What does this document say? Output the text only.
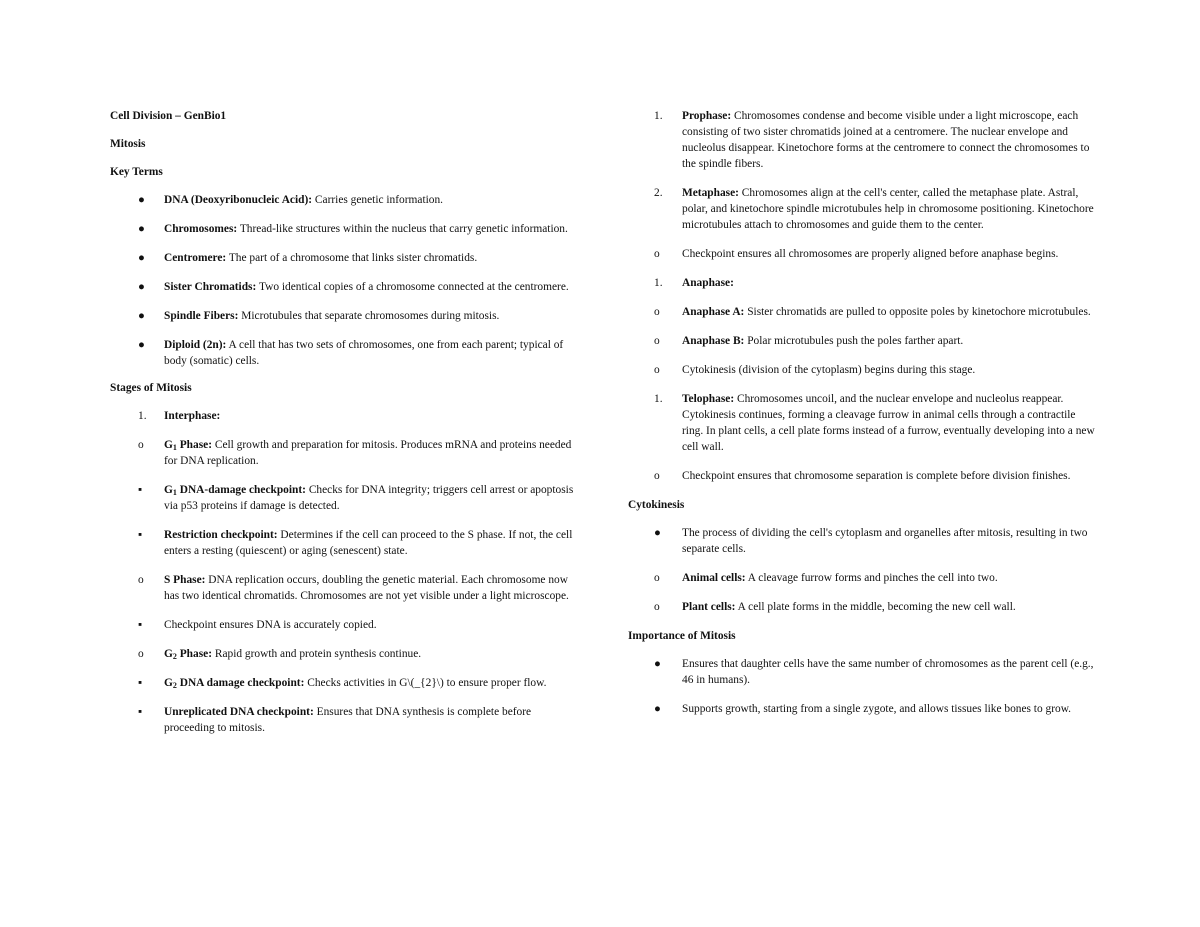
Cell Division – GenBio1
Mitosis
Key Terms
● DNA (Deoxyribonucleic Acid): Carries genetic information.
● Chromosomes: Thread-like structures within the nucleus that carry genetic information.
● Centromere: The part of a chromosome that links sister chromatids.
● Sister Chromatids: Two identical copies of a chromosome connected at the centromere.
● Spindle Fibers: Microtubules that separate chromosomes during mitosis.
● Diploid (2n): A cell that has two sets of chromosomes, one from each parent; typical of body (somatic) cells.
Stages of Mitosis
1. Interphase:
o $G_1$ Phase: Cell growth and preparation for mitosis. Produces mRNA and proteins needed for DNA replication.
▪ $G_1$ DNA-damage checkpoint: Checks for DNA integrity; triggers cell arrest or apoptosis via p53 proteins if damage is detected.
▪ Restriction checkpoint: Determines if the cell can proceed to the S phase. If not, the cell enters a resting (quiescent) or aging (senescent) state.
o S Phase: DNA replication occurs, doubling the genetic material. Each chromosome now has two identical chromatids. Chromosomes are not yet visible under a light microscope.
▪ Checkpoint ensures DNA is accurately copied.
o $G_2$ Phase: Rapid growth and protein synthesis continue.
▪ $G_2$ DNA damage checkpoint: Checks activities in G\(_{2}\) to ensure proper flow.
▪ Unreplicated DNA checkpoint: Ensures that DNA synthesis is complete before proceeding to mitosis.
1. Prophase: Chromosomes condense and become visible under a light microscope, each consisting of two sister chromatids joined at a centromere. The nuclear envelope and nucleolus disappear. Kinetochore forms at the centromere to connect the chromosomes to the spindle fibers.
2. Metaphase: Chromosomes align at the cell's center, called the metaphase plate. Astral, polar, and kinetochore spindle microtubules help in chromosome positioning. Kinetochore microtubules attach to chromosomes and guide them to the center.
o Checkpoint ensures all chromosomes are properly aligned before anaphase begins.
1. Anaphase:
o Anaphase A: Sister chromatids are pulled to opposite poles by kinetochore microtubules.
o Anaphase B: Polar microtubules push the poles farther apart.
o Cytokinesis (division of the cytoplasm) begins during this stage.
1. Telophase: Chromosomes uncoil, and the nuclear envelope and nucleolus reappear. Cytokinesis continues, forming a cleavage furrow in animal cells through a contractile ring. In plant cells, a cell plate forms instead of a furrow, eventually developing into a new cell wall.
o Checkpoint ensures that chromosome separation is complete before division finishes.
Cytokinesis
● The process of dividing the cell's cytoplasm and organelles after mitosis, resulting in two separate cells.
o Animal cells: A cleavage furrow forms and pinches the cell into two.
o Plant cells: A cell plate forms in the middle, becoming the new cell wall.
Importance of Mitosis
● Ensures that daughter cells have the same number of chromosomes as the parent cell (e.g., 46 in humans).
● Supports growth, starting from a single zygote, and allows tissues like bones to grow.
